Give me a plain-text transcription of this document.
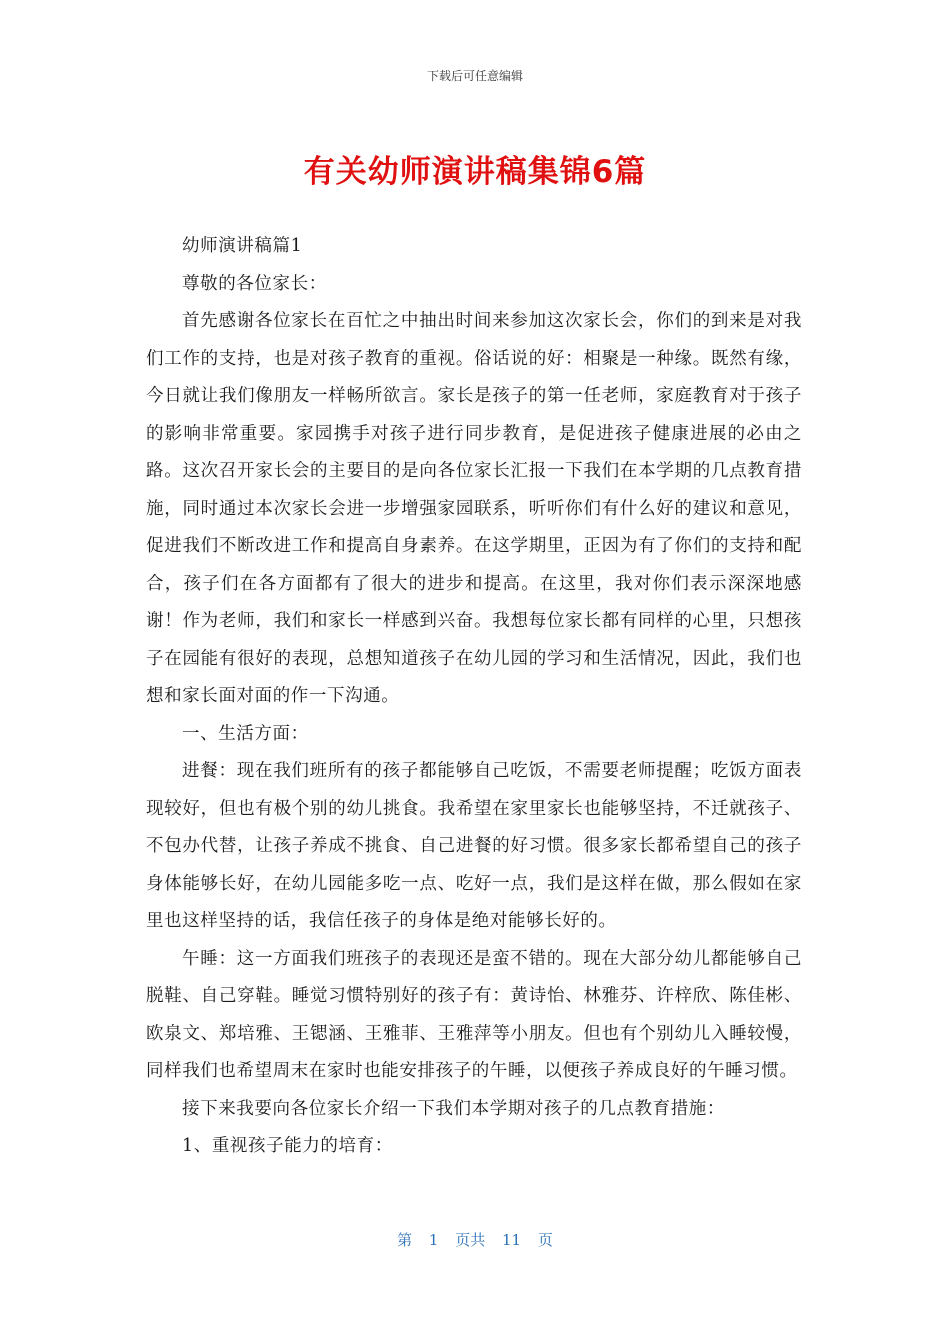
下载后可任意编辑
有关幼师演讲稿集锦6篇

幼师演讲稿篇1

尊敬的各位家长：

首先感谢各位家长在百忙之中抽出时间来参加这次家长会，你们的到来是对我们工作的支持，也是对孩子教育的重视。俗话说的好：相聚是一种缘。既然有缘，今日就让我们像朋友一样畅所欲言。家长是孩子的第一任老师，家庭教育对于孩子的影响非常重要。家园携手对孩子进行同步教育，是促进孩子健康进展的必由之路。这次召开家长会的主要目的是向各位家长汇报一下我们在本学期的几点教育措施，同时通过本次家长会进一步增强家园联系，听听你们有什么好的建议和意见，促进我们不断改进工作和提高自身素养。在这学期里，正因为有了你们的支持和配合，孩子们在各方面都有了很大的进步和提高。在这里，我对你们表示深深地感谢！作为老师，我们和家长一样感到兴奋。我想每位家长都有同样的心里，只想孩子在园能有很好的表现，总想知道孩子在幼儿园的学习和生活情况，因此，我们也想和家长面对面的作一下沟通。

一、生活方面：

进餐：现在我们班所有的孩子都能够自己吃饭，不需要老师提醒；吃饭方面表现较好，但也有极个别的幼儿挑食。我希望在家里家长也能够坚持，不迁就孩子、不包办代替，让孩子养成不挑食、自己进餐的好习惯。很多家长都希望自己的孩子身体能够长好，在幼儿园能多吃一点、吃好一点，我们是这样在做，那么假如在家里也这样坚持的话，我信任孩子的身体是绝对能够长好的。

午睡：这一方面我们班孩子的表现还是蛮不错的。现在大部分幼儿都能够自己脱鞋、自己穿鞋。睡觉习惯特别好的孩子有：黄诗怡、林雅芬、许梓欣、陈佳彬、欧泉文、郑培雅、王锶涵、王雅菲、王雅萍等小朋友。但也有个别幼儿入睡较慢，同样我们也希望周末在家时也能安排孩子的午睡，以便孩子养成良好的午睡习惯。

接下来我要向各位家长介绍一下我们本学期对孩子的几点教育措施：

1、重视孩子能力的培育：

第 1 页共 11 页
